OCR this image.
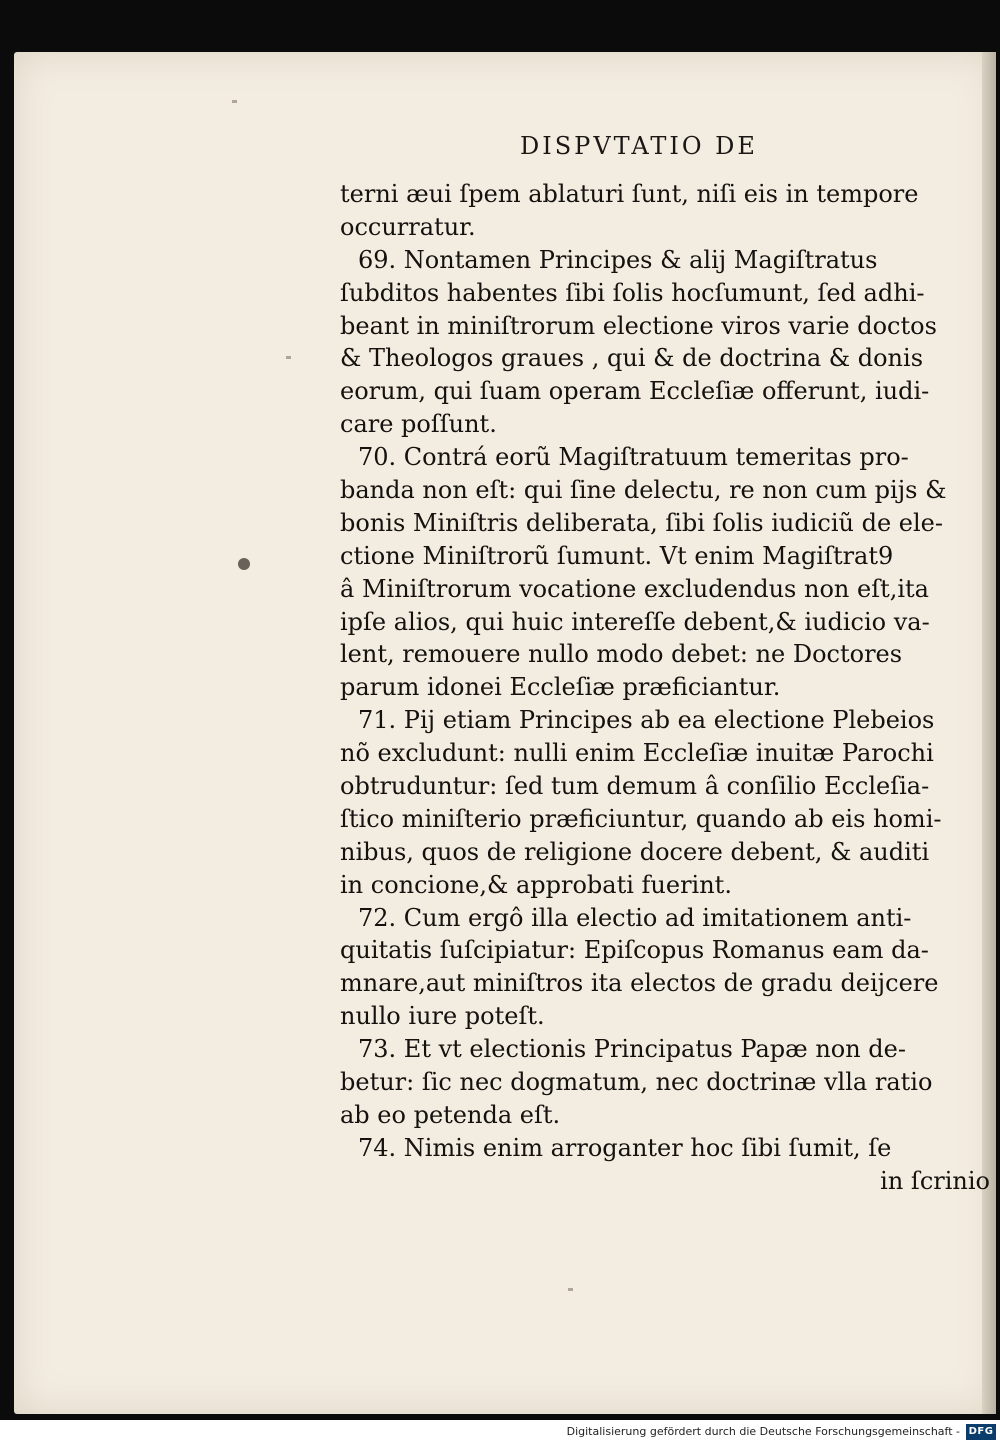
DISPVTATIO DE
terni æui ſpem ablaturi ſunt, niſi eis in tempore
occurratur.
69. Nontamen Principes & alij Magiſtratus
ſubditos habentes ſibi ſolis hocſumunt, ſed adhi-
beant in miniſtrorum electione viros varie doctos
& Theologos graues , qui & de doctrina & donis
eorum, qui ſuam operam Eccleſiæ offerunt, iudi-
care poſſunt.
70. Contrá eorũ Magiſtratuum temeritas pro-
banda non eſt: qui ſine delectu, re non cum pijs &
bonis Miniſtris deliberata, ſibi ſolis iudiciũ de ele-
ctione Miniſtrorũ ſumunt. Vt enim Magiſtrat9
â Miniſtrorum vocatione excludendus non eſt,ita
ipſe alios, qui huic intereſſe debent,& iudicio va-
lent, remouere nullo modo debet: ne Doctores
parum idonei Eccleſiæ præficiantur.
71. Pij etiam Principes ab ea electione Plebeios
nõ excludunt: nulli enim Eccleſiæ inuitæ Parochi
obtruduntur: ſed tum demum â conſilio Eccleſia-
ſtico miniſterio præficiuntur, quando ab eis homi-
nibus, quos de religione docere debent, & auditi
in concione,& approbati fuerint.
72. Cum ergô illa electio ad imitationem anti-
quitatis ſuſcipiatur: Epiſcopus Romanus eam da-
mnare,aut miniſtros ita electos de gradu deijcere
nullo iure poteſt.
73. Et vt electionis Principatus Papæ non de-
betur: ſic nec dogmatum, nec doctrinæ vlla ratio
ab eo petenda eſt.
74. Nimis enim arroganter hoc ſibi ſumit, ſe
in ſcrinio
Digitalisierung gefördert durch die Deutsche Forschungsgemeinschaft - DFG
